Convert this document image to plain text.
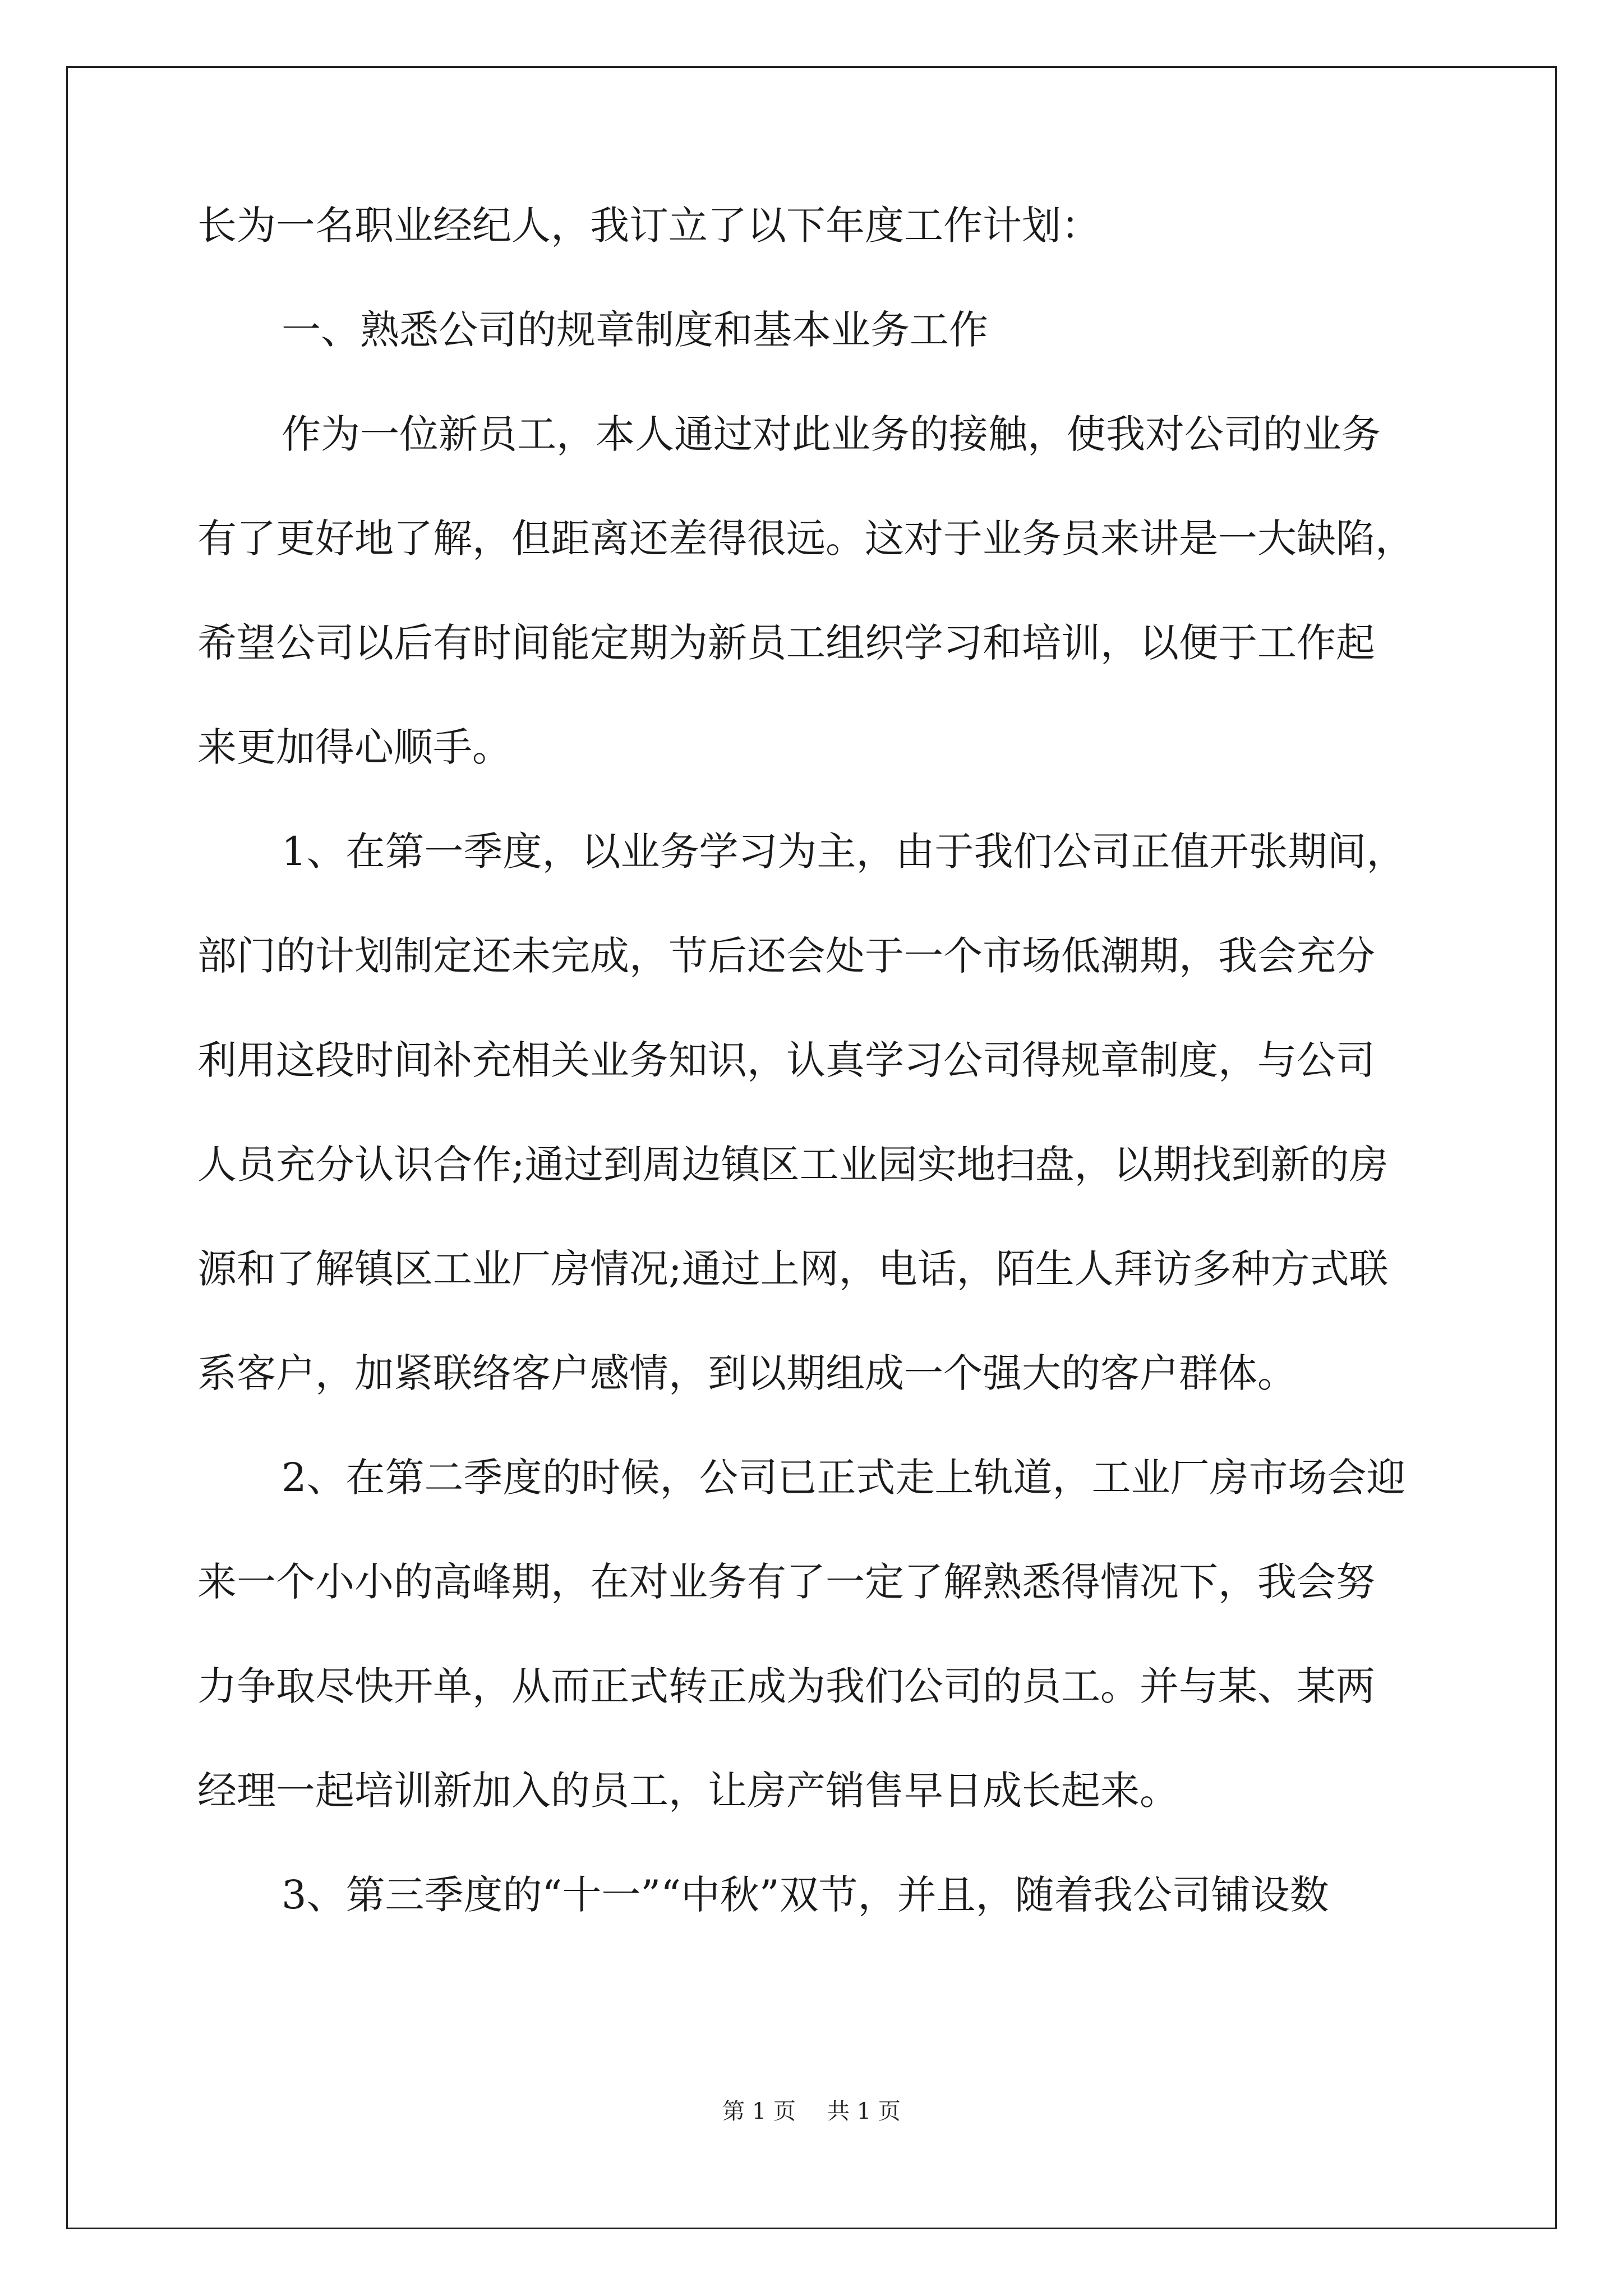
长为一名职业经纪人，我订立了以下年度工作计划：
一、熟悉公司的规章制度和基本业务工作
作为一位新员工，本人通过对此业务的接触，使我对公司的业务
有了更好地了解，但距离还差得很远。这对于业务员来讲是一大缺陷，
希望公司以后有时间能定期为新员工组织学习和培训，以便于工作起
来更加得心顺手。
1、在第一季度，以业务学习为主，由于我们公司正值开张期间，
部门的计划制定还未完成，节后还会处于一个市场低潮期，我会充分
利用这段时间补充相关业务知识，认真学习公司得规章制度，与公司
人员充分认识合作;通过到周边镇区工业园实地扫盘，以期找到新的房
源和了解镇区工业厂房情况;通过上网，电话，陌生人拜访多种方式联
系客户，加紧联络客户感情，到以期组成一个强大的客户群体。
2、在第二季度的时候，公司已正式走上轨道，工业厂房市场会迎
来一个小小的高峰期，在对业务有了一定了解熟悉得情况下，我会努
力争取尽快开单，从而正式转正成为我们公司的员工。并与某、某两
经理一起培训新加入的员工，让房产销售早日成长起来。
3、第三季度的“十一”“中秋”双节，并且，随着我公司铺设数
第 1 页 共 1 页
